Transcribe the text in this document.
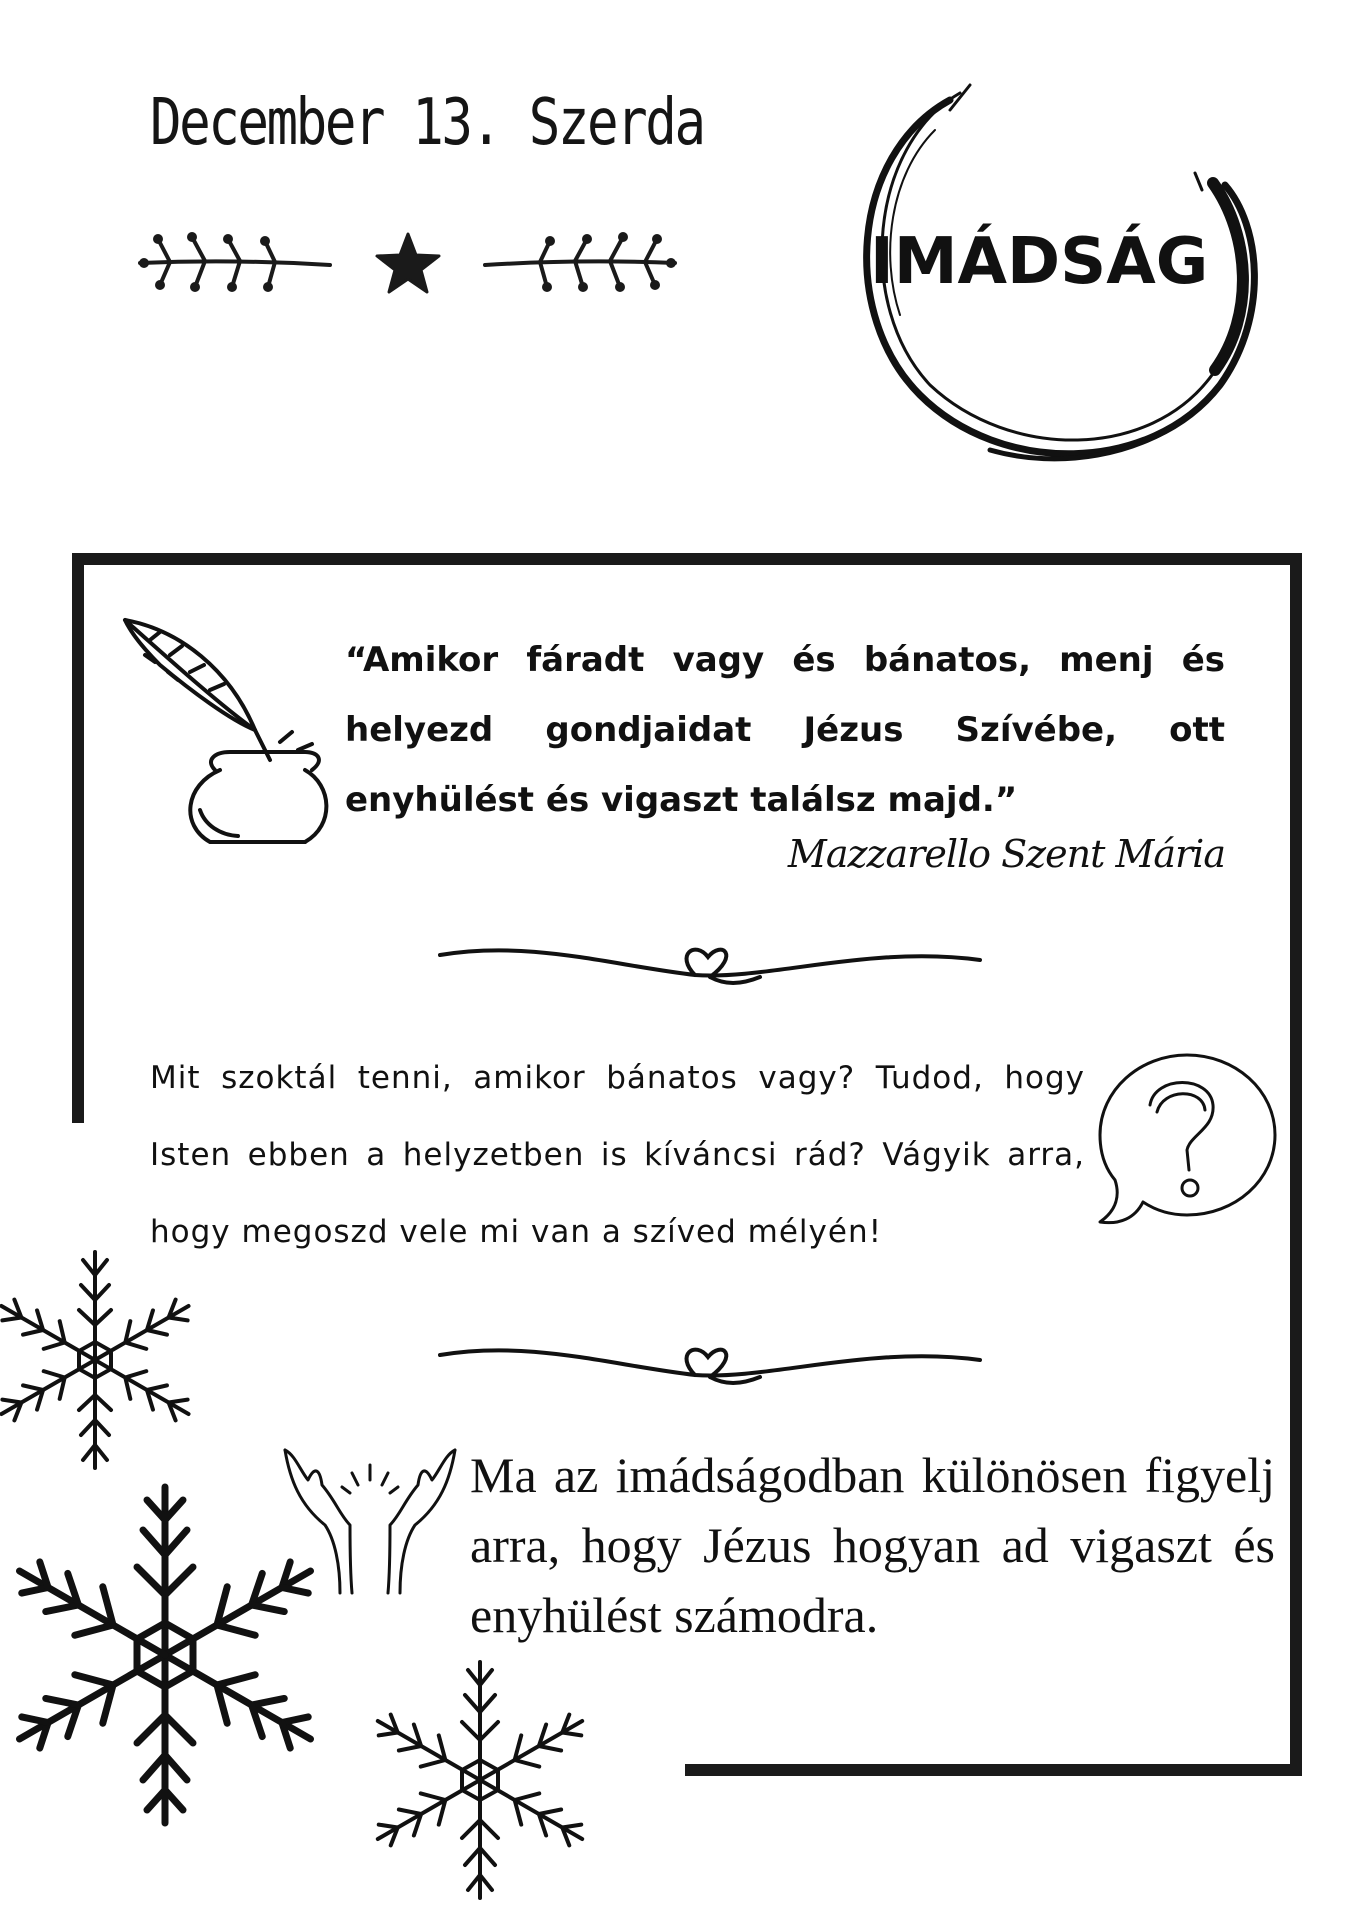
December 13. Szerda
IMÁDSÁG
“Amikor fáradt vagy és bánatos, menj és helyezd gondjaidat Jézus Szívébe, ott enyhülést és vigaszt találsz majd.”
Mazzarello Szent Mária
Mit szoktál tenni, amikor bánatos vagy? Tudod, hogy Isten ebben a helyzetben is kíváncsi rád? Vágyik arra, hogy megoszd vele mi van a szíved mélyén!
Ma az imádságodban különösen figyelj arra, hogy Jézus hogyan ad vigaszt és enyhülést számodra.
